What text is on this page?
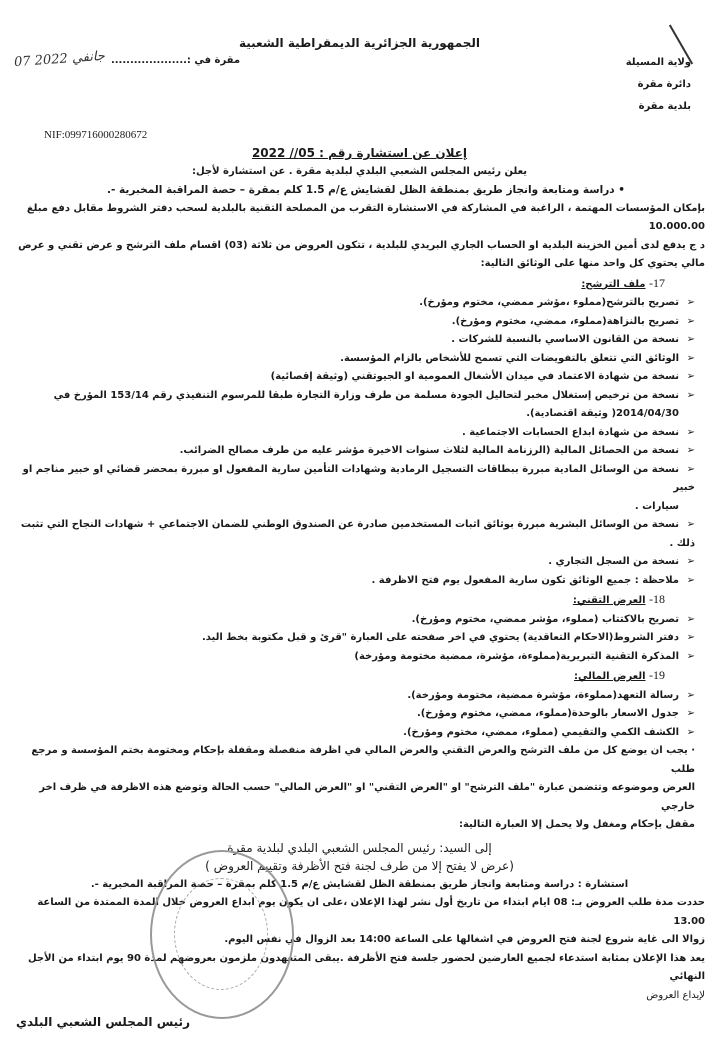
الجمهورية الجزائرية الديمقراطية الشعبية
07 جانفي 2022 مقرة في :....................	ولاية المسيلة
دائرة مقرة
بلدية مقرة
NIF:099716000280672
إعلان عن استشارة رقم : 05// 2022
يعلن رئيس المجلس الشعبي البلدي لبلدية مقرة . عن استشارة لأجل:
• دراسة ومتابعة وانجاز طريق بمنطقة الظل لقشايش ع/م 1.5 كلم بمقرة – حصة المراقبة المخبرية -.
بإمكان المؤسسات المهتمة ، الراغبة في المشاركة في الاستشارة التقرب من المصلحة التقنية بالبلدية لسحب دفتر الشروط مقابل دفع مبلغ 10.000.00
د ج يدفع لدى أمين الخزينة البلدية او الحساب الجاري البريدي للبلدية ، تتكون العروض من ثلاثة (03) اقسام ملف الترشح و عرض تقني و عرض
مالي يحتوي كل واحد منها على الوثائق التالية:
17- ملف الترشح:
➢تصريح بالترشح(مملوء ،مؤشر ممضي، مختوم ومؤرخ).
➢تصريح بالنزاهة(مملوء، ممضي، مختوم ومؤرخ).
➢نسخة من القانون الاساسي بالنسبة للشركات .
➢الوثائق التي تتعلق بالتفويضات التي تسمح للأشخاص بالزام المؤسسة.
➢نسخة من شهادة الاعتماد في ميدان الأشغال العمومية او الجيوتقني (وثيقة إقصائية)
➢نسخة من ترخيص إستغلال مخبر لتحاليل الجودة مسلمة من طرف وزارة التجارة طبقا للمرسوم التنفيذي رقم 153/14 المؤرخ في
2014/04/30( وثيقة اقتصادية).
➢نسخة من شهادة ابداع الحسابات الاجتماعية .
➢نسخة من الحصائل المالية (الرزنامة المالية لثلاث سنوات الاخيرة مؤشر عليه من طرف مصالح الضرائب.
➢نسخة من الوسائل المادية مبررة ببطاقات التسجيل الرمادية وشهادات التأمين سارية المفعول او مبررة بمحضر قضائي او خبير مناجم او خبير
سيارات .
➢نسخة من الوسائل البشرية مبررة بوثائق اثبات المستخدمين صادرة عن الصندوق الوطني للضمان الاجتماعي + شهادات النجاح التي تثبت ذلك .
➢نسخة من السجل التجاري .
➢ملاحظة : جميع الوثائق تكون سارية المفعول يوم فتح الاظرفة .
18- العرض التقني:
➢تصريح بالاكتتاب (مملوء، مؤشر ممضي، مختوم ومؤرخ).
➢دفتر الشروط(الاحكام التعاقدية) يحتوي في اخر صفحته على العبارة "قرئ و قبل مكتوبة بخط اليد.
➢المذكرة التقنية التبريرية(مملوءة، مؤشرة، ممضية مختومة ومؤرخة)
19- العرض المالي:
➢رسالة التعهد(مملوءة، مؤشرة ممضية، مختومة ومؤرخة).
➢جدول الاسعار بالوحدة(مملوء، ممضي، مختوم ومؤرخ).
➢الكشف الكمي والتقيمي (مملوء، ممضي، مختوم ومؤرخ).
· يجب ان يوضع كل من ملف الترشح والعرض التقني والعرض المالي في اظرفة منفصلة ومقفلة بإحكام ومختومة بختم المؤسسة و مرجع طلب
العرض وموضوعه وتتضمن عبارة "ملف الترشح" او "العرض التقني" او "العرض المالي" حسب الحالة وتوضع هذه الاظرفة في ظرف اخر خارجي
مقفل بإحكام ومغفل ولا يحمل إلا العبارة التالية:
إلى السيد: رئيس المجلس الشعبي البلدي لبلدية مقرة
(عرض لا يفتح إلا من طرف لجنة فتح الأظرفة وتقييم العروض )
استشارة : دراسة ومتابعة وانجاز طريق بمنطقة الظل لقشايش ع/م 1.5 كلم بمقرة – حصة المراقبة المخبرية -.
حددت مدة طلب العروض بـ: 08 ايام ابتداء من تاريخ أول نشر لهذا الإعلان ،على ان يكون يوم ابداع العروض خلال المدة الممتدة من الساعة 13.00
زوالا الى غاية شروع لجنة فتح العروض في اشغالها على الساعة 14:00 بعد الزوال في نفس اليوم.
يعد هذا الإعلان بمثابة استدعاء لجميع العارضين لحضور جلسة فتح الأظرفة .يبقى المتعهدون ملزمون بعروضهم لمدة 90 يوم ابتداء من الأجل النهائي
لإيداع العروض
رئيس المجلس الشعبي البلدي
